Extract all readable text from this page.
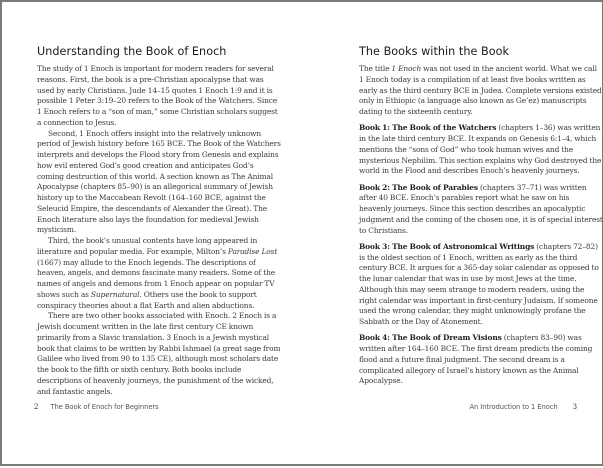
Understanding the Book of Enoch

The study of 1 Enoch is important for modern readers for several reasons. First, the book is a pre-Christian apocalypse that was used by early Christians. Jude 14–15 quotes 1 Enoch 1:9 and it is possible 1 Peter 3:19–20 refers to the Book of the Watchers. Since 1 Enoch refers to a “son of man,” some Christian scholars suggest a connection to Jesus.

Second, 1 Enoch offers insight into the relatively unknown period of Jewish history before 165 BCE. The Book of the Watchers interprets and develops the Flood story from Genesis and explains how evil entered God’s good creation and anticipates God’s coming destruction of this world. A section known as The Animal Apocalypse (chapters 85–90) is an allegorical summary of Jewish history up to the Maccabean Revolt (164–160 BCE, against the Seleucid Empire, the descendants of Alexander the Great). The Enoch literature also lays the foundation for medieval Jewish mysticism.

Third, the book’s unusual contents have long appeared in literature and popular media. For example, Milton’s Paradise Lost (1667) may allude to the Enoch legends. The descriptions of heaven, angels, and demons fascinate many readers. Some of the names of angels and demons from 1 Enoch appear on popular TV shows such as Supernatural. Others use the book to support conspiracy theories about a flat Earth and alien abductions.

There are two other books associated with Enoch. 2 Enoch is a Jewish document written in the late first century CE known primarily from a Slavic translation. 3 Enoch is a Jewish mystical book that claims to be written by Rabbi Ishmael (a great sage from Galilee who lived from 90 to 135 CE), although most scholars date the book to the fifth or sixth century. Both books include descriptions of heavenly journeys, the punishment of the wicked, and fantastic angels.

2 The Book of Enoch for Beginners
The Books within the Book

The title 1 Enoch was not used in the ancient world. What we call 1 Enoch today is a compilation of at least five books written as early as the third century BCE in Judea. Complete versions existed only in Ethiopic (a language also known as Ge’ez) manuscripts dating to the sixteenth century.

Book 1: The Book of the Watchers (chapters 1–36) was written in the late third century BCE. It expands on Genesis 6:1–4, which mentions the “sons of God” who took human wives and the mysterious Nephilim. This section explains why God destroyed the world in the Flood and describes Enoch’s heavenly journeys.

Book 2: The Book of Parables (chapters 37–71) was written after 40 BCE. Enoch’s parables report what he saw on his heavenly journeys. Since this section describes an apocalyptic judgment and the coming of the chosen one, it is of special interest to Christians.

Book 3: The Book of Astronomical Writings (chapters 72–82) is the oldest section of 1 Enoch, written as early as the third century BCE. It argues for a 365-day solar calendar as opposed to the lunar calendar that was in use by most Jews at the time. Although this may seem strange to modern readers, using the right calendar was important in first-century Judaism. If someone used the wrong calendar, they might unknowingly profane the Sabbath or the Day of Atonement.

Book 4: The Book of Dream Visions (chapters 83–90) was written after 164–160 BCE. The first dream predicts the coming flood and a future final judgment. The second dream is a complicated allegory of Israel’s history known as the Animal Apocalypse.

An Introduction to 1 Enoch 3
